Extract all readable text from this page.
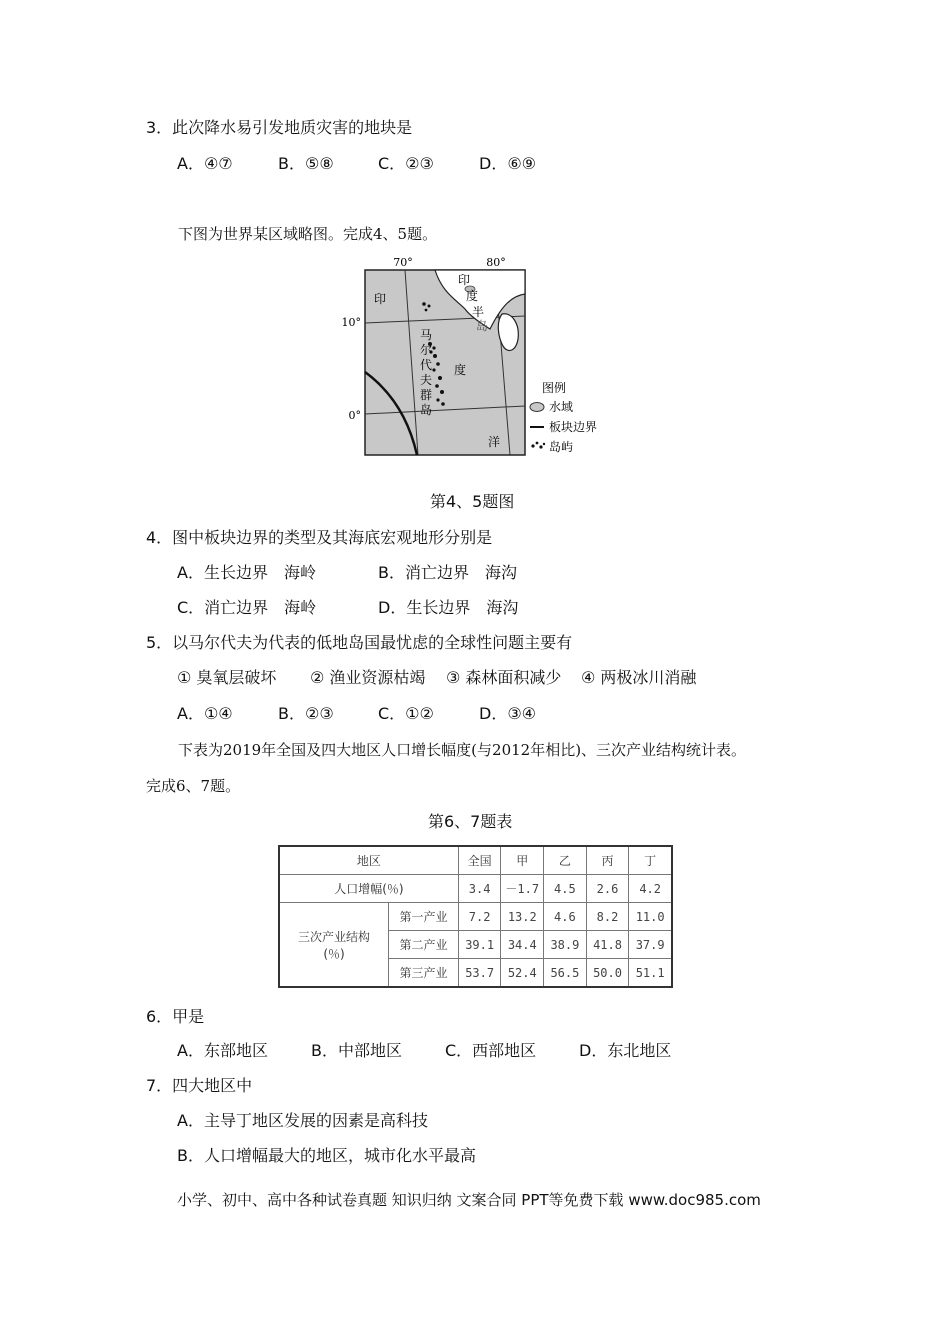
3．此次降水易引发地质灾害的地块是
A．④⑦	B．⑤⑧	C．②③	D．⑥⑨
下图为世界某区域略图。完成4、5题。
70°	80°
10°
0°
印
度
半
岛
印
度
洋
马
尔
代
夫
群
岛
图例
水域
板块边界
岛屿
第4、5题图
4．图中板块边界的类型及其海底宏观地形分别是
A．生长边界　海岭	B．消亡边界　海沟
C．消亡边界　海岭	D．生长边界　海沟
5．以马尔代夫为代表的低地岛国最忧虑的全球性问题主要有
① 臭氧层破坏 ② 渔业资源枯竭 ③ 森林面积减少 ④ 两极冰川消融
A．①④	B．②③	C．①②	D．③④
下表为2019年全国及四大地区人口增长幅度(与2012年相比)、三次产业结构统计表。
完成6、7题。
第6、7题表
地区		全国	甲	乙	丙	丁
人口增幅(％)		3.4	－1.7	4.5	2.6	4.2

三次产业结构
(％)	第一产业	7.2	13.2	4.6	8.2	11.0
	第二产业	39.1	34.4	38.9	41.8	37.9
	第三产业	53.7	52.4	56.5	50.0	51.1
6．甲是
A．东部地区	B．中部地区	C．西部地区	D．东北地区
7．四大地区中
A．主导丁地区发展的因素是高科技
B．人口增幅最大的地区，城市化水平最高
小学、初中、高中各种试卷真题 知识归纳 文案合同 PPT等免费下载 www.doc985.com
